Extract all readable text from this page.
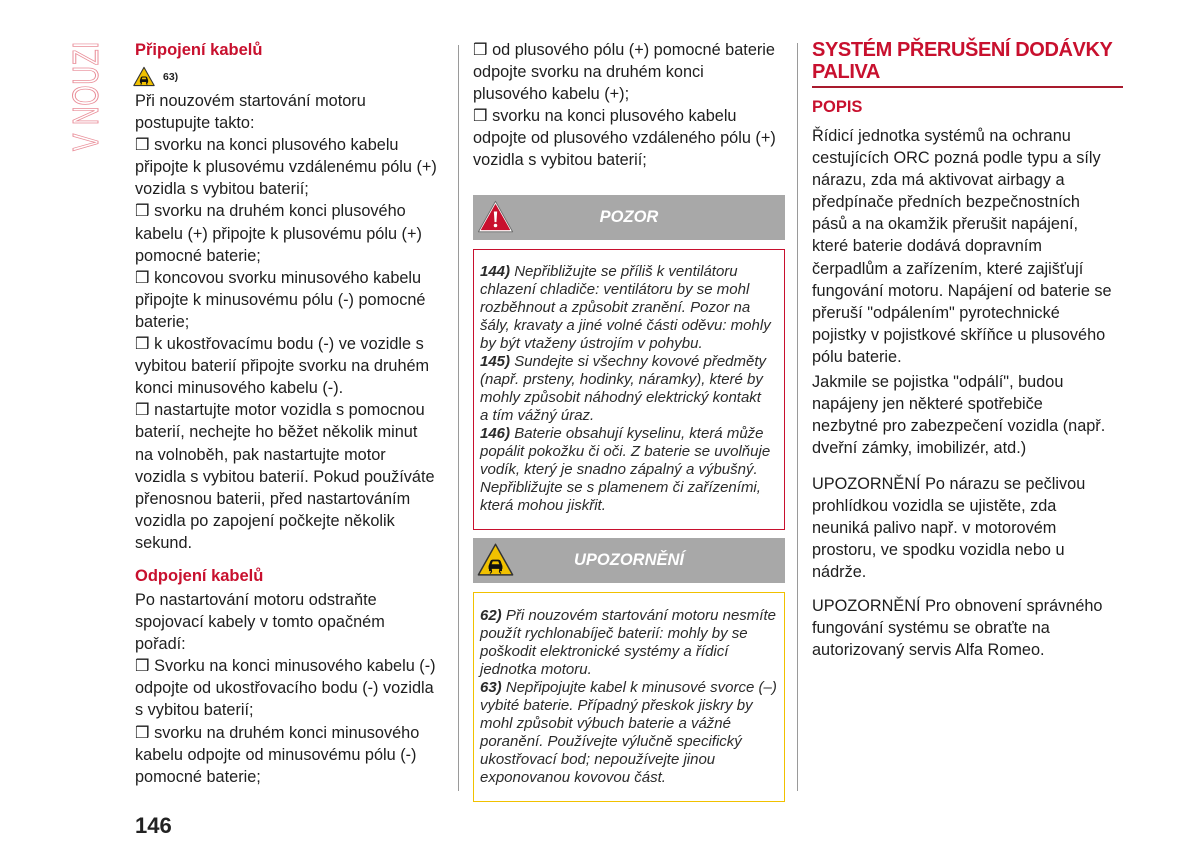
V NOUZI Připojení kabelů
63)
Při nouzovém startování motoru
postupujte takto:
❒ svorku na konci plusového kabelu
připojte k plusovému vzdálenému pólu (+)
vozidla s vybitou baterií;
❒ svorku na druhém konci plusového
kabelu (+) připojte k plusovému pólu (+)
pomocné baterie;
❒ koncovou svorku minusového kabelu
připojte k minusovému pólu (-) pomocné
baterie;
❒ k ukostřovacímu bodu (-) ve vozidle s
vybitou baterií připojte svorku na druhém
konci minusového kabelu (-).
❒ nastartujte motor vozidla s pomocnou
baterií, nechejte ho běžet několik minut
na volnoběh, pak nastartujte motor
vozidla s vybitou baterií. Pokud používáte
přenosnou baterii, před nastartováním
vozidla po zapojení počkejte několik
sekund.
Odpojení kabelů
Po nastartování motoru odstraňte
spojovací kabely v tomto opačném
pořadí:
❒ Svorku na konci minusového kabelu (-)
odpojte od ukostřovacího bodu (-) vozidla
s vybitou baterií;
❒ svorku na druhém konci minusového
kabelu odpojte od minusovému pólu (-)
pomocné baterie;
146
❒ od plusového pólu (+) pomocné baterie
odpojte svorku na druhém konci
plusového kabelu (+);
❒ svorku na konci plusového kabelu
odpojte od plusového vzdáleného pólu (+)
vozidla s vybitou baterií;
POZOR
144) Nepřibližujte se příliš k ventilátoru
chlazení chladiče: ventilátoru by se mohl
rozběhnout a způsobit zranění. Pozor na
šály, kravaty a jiné volné části oděvu: mohly
by být vtaženy ústrojím v pohybu.
145) Sundejte si všechny kovové předměty
(např. prsteny, hodinky, náramky), které by
mohly způsobit náhodný elektrický kontakt
a tím vážný úraz.
146) Baterie obsahují kyselinu, která může
popálit pokožku či oči. Z baterie se uvolňuje
vodík, který je snadno zápalný a výbušný.
Nepřibližujte se s plamenem či zařízeními,
která mohou jiskřit.
UPOZORNĚNÍ
62) Při nouzovém startování motoru nesmíte
použít rychlonabíječ baterií: mohly by se
poškodit elektronické systémy a řídicí
jednotka motoru.
63) Nepřipojujte kabel k minusové svorce (–)
vybité baterie. Případný přeskok jiskry by
mohl způsobit výbuch baterie a vážné
poranění. Používejte výlučně specifický
ukostřovací bod; nepoužívejte jinou
exponovanou kovovou část.
SYSTÉM PŘERUŠENÍ DODÁVKY
PALIVA
POPIS
Řídicí jednotka systémů na ochranu
cestujících ORC pozná podle typu a síly
nárazu, zda má aktivovat airbagy a
předpínače předních bezpečnostních
pásů a na okamžik přerušit napájení,
které baterie dodává dopravním
čerpadlům a zařízením, které zajišťují
fungování motoru. Napájení od baterie se
přeruší "odpálením" pyrotechnické
pojistky v pojistkové skříňce u plusového
pólu baterie.
Jakmile se pojistka "odpálí", budou
napájeny jen některé spotřebiče
nezbytné pro zabezpečení vozidla (např.
dveřní zámky, imobilizér, atd.)
UPOZORNĚNÍ Po nárazu se pečlivou
prohlídkou vozidla se ujistěte, zda
neuniká palivo např. v motorovém
prostoru, ve spodku vozidla nebo u
nádrže.
UPOZORNĚNÍ Pro obnovení správného
fungování systému se obraťte na
autorizovaný servis Alfa Romeo.
